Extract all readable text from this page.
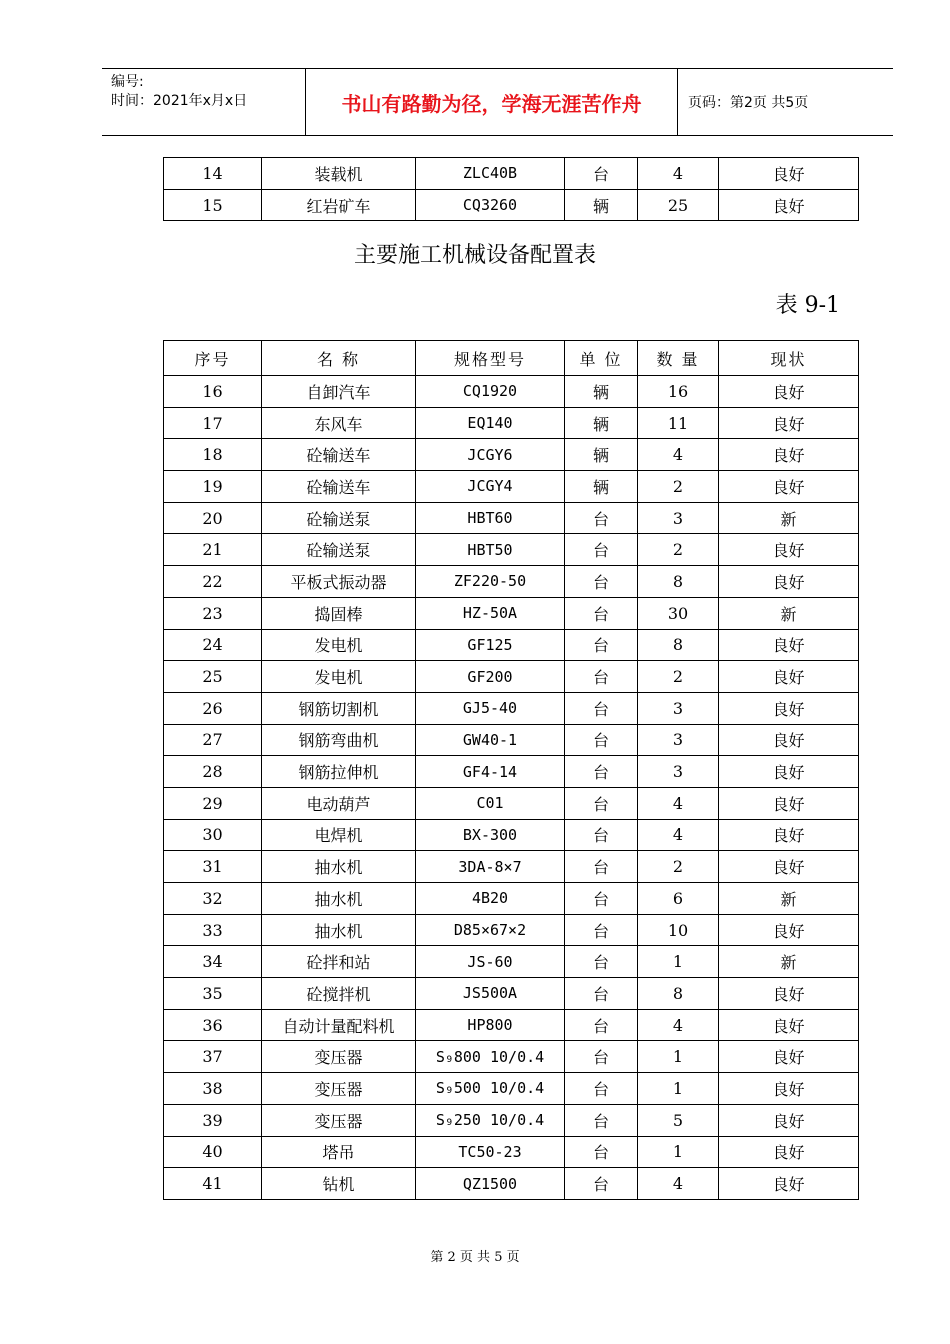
编号:
时间：2021年x月x日	书山有路勤为径，学海无涯苦作舟	页码：第2页 共5页
14	装载机	ZLC40B	台	4	良好
15	红岩矿车	CQ3260	辆	25	良好
主要施工机械设备配置表
表 9-1
序号	名 称	规格型号	单 位	数 量	现状
16	自卸汽车	CQ1920	辆	16	良好
17	东风车	EQ140	辆	11	良好
18	砼输送车	JCGY6	辆	4	良好
19	砼输送车	JCGY4	辆	2	良好
20	砼输送泵	HBT60	台	3	新
21	砼输送泵	HBT50	台	2	良好
22	平板式振动器	ZF220-50	台	8	良好
23	捣固棒	HZ-50A	台	30	新
24	发电机	GF125	台	8	良好
25	发电机	GF200	台	2	良好
26	钢筋切割机	GJ5-40	台	3	良好
27	钢筋弯曲机	GW40-1	台	3	良好
28	钢筋拉伸机	GF4-14	台	3	良好
29	电动葫芦	C01	台	4	良好
30	电焊机	BX-300	台	4	良好
31	抽水机	3DA-8×7	台	2	良好
32	抽水机	4B20	台	6	新
33	抽水机	D85×67×2	台	10	良好
34	砼拌和站	JS-60	台	1	新
35	砼搅拌机	JS500A	台	8	良好
36	自动计量配料机	HP800	台	4	良好
37	变压器	S₉800 10/0.4	台	1	良好
38	变压器	S₉500 10/0.4	台	1	良好
39	变压器	S₉250 10/0.4	台	5	良好
40	塔吊	TC50-23	台	1	良好
41	钻机	QZ1500	台	4	良好
第 2 页 共 5 页
